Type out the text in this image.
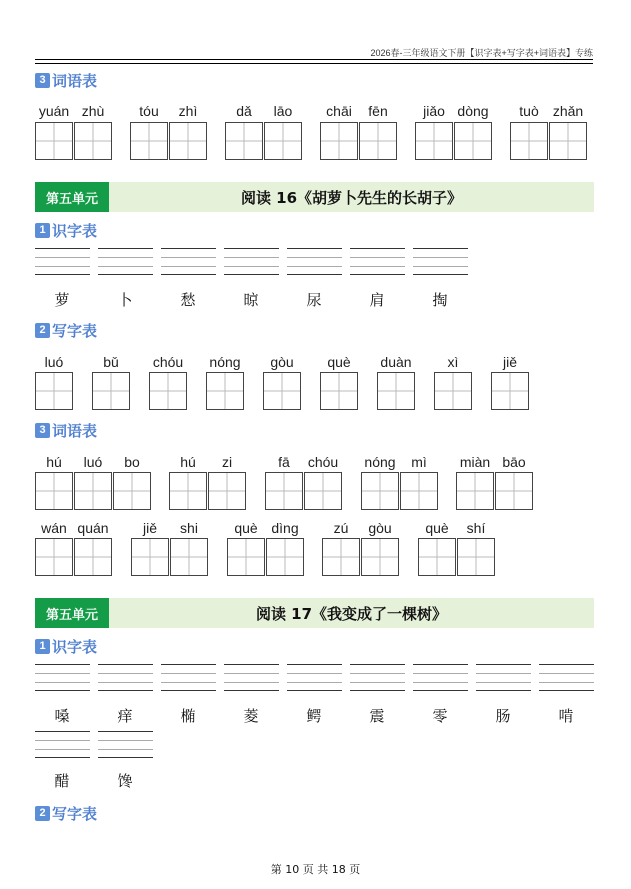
2026春-三年级语文下册【识字表+写字表+词语表】专练
3 词语表
yuán zhù tóu zhì	dǎ lāo chāi fēn	jiǎo dòng tuò zhǎn
第五单元	阅读 16《胡萝卜先生的长胡子》
1 识字表
萝	卜	愁	晾	尿	肩	掏
2 写字表
luó	bǔ chóu nóng gòu què duàn	xì	jiě
3 词语表
hú luó bo	hú zi	fā chóu nóng mì miàn bāo
wán quán jiě shi	què dìng zú gòu què shí
第五单元	阅读 17《我变成了一棵树》
1 识字表
嗓	痒	椭	菱	鳄	震	零	肠	啃
醋	馋
2 写字表
第 10 页 共 18 页
